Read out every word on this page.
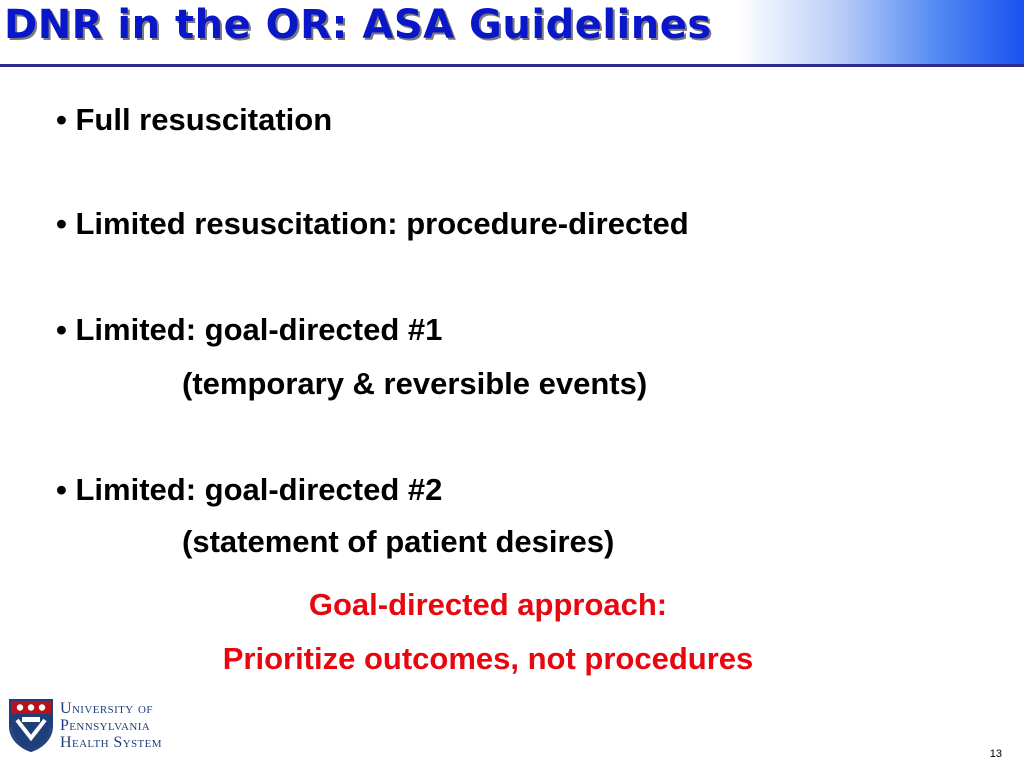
DNR in the OR: ASA Guidelines
• Full resuscitation
• Limited resuscitation: procedure-directed
• Limited: goal-directed #1
(temporary & reversible events)
• Limited: goal-directed #2
(statement of patient desires)
Goal-directed approach:
Prioritize outcomes, not procedures
University of
Pennsylvania
Health System
13
